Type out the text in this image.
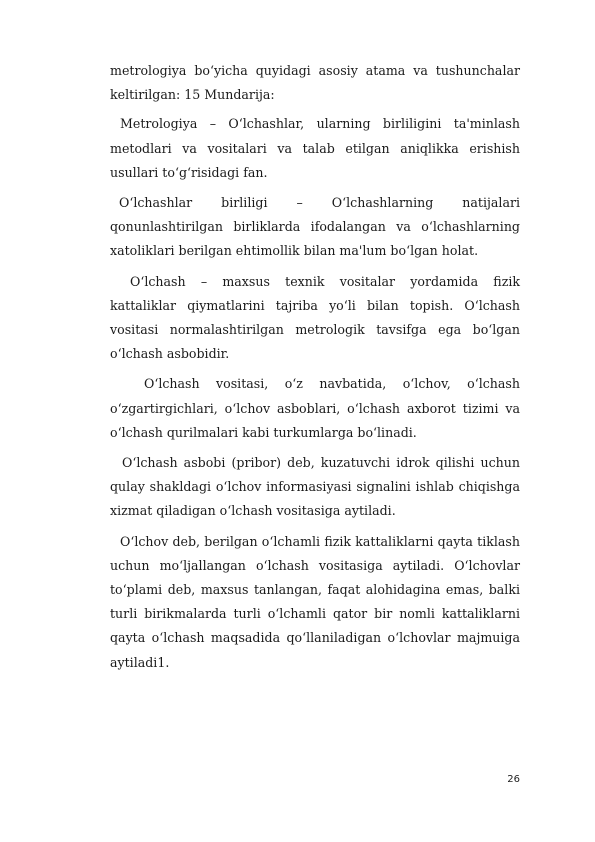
metrologiya bo‘yicha quyidagi asosiy atama va tushunchalar keltirilgan: 15 Mundarija:

Metrologiya – O‘lchashlar, ularning birliligini ta'minlash metodlari va vositalari va talab etilgan aniqlikka erishish usullari to‘g‘risidagi fan.

O‘lchashlar birliligi – O‘lchashlarning natijalari qonunlashtirilgan birliklarda ifodalangan va o‘lchashlarning xatoliklari berilgan ehtimollik bilan ma'lum bo‘lgan holat.

O‘lchash – maxsus texnik vositalar yordamida fizik kattaliklar qiymatlarini tajriba yo‘li bilan topish. O‘lchash vositasi normalashtirilgan metrologik tavsifga ega bo‘lgan o‘lchash asbobidir.

O‘lchash vositasi, o‘z navbatida, o‘lchov, o‘lchash o‘zgartirgichlari, o‘lchov asboblari, o‘lchash axborot tizimi va o‘lchash qurilmalari kabi turkumlarga bo‘linadi.

O‘lchash asbobi (pribor) deb, kuzatuvchi idrok qilishi uchun qulay shakldagi o‘lchov informasiyasi signalini ishlab chiqishga xizmat qiladigan o‘lchash vositasiga aytiladi.

O‘lchov deb, berilgan o‘lchamli fizik kattaliklarni qayta tiklash uchun mo‘ljallangan o‘lchash vositasiga aytiladi. O‘lchovlar to‘plami deb, maxsus tanlangan, faqat alohidagina emas, balki turli birikmalarda turli o‘lchamli qator bir nomli kattaliklarni qayta o‘lchash maqsadida qo‘llaniladigan o‘lchovlar majmuiga aytiladi1.

26
